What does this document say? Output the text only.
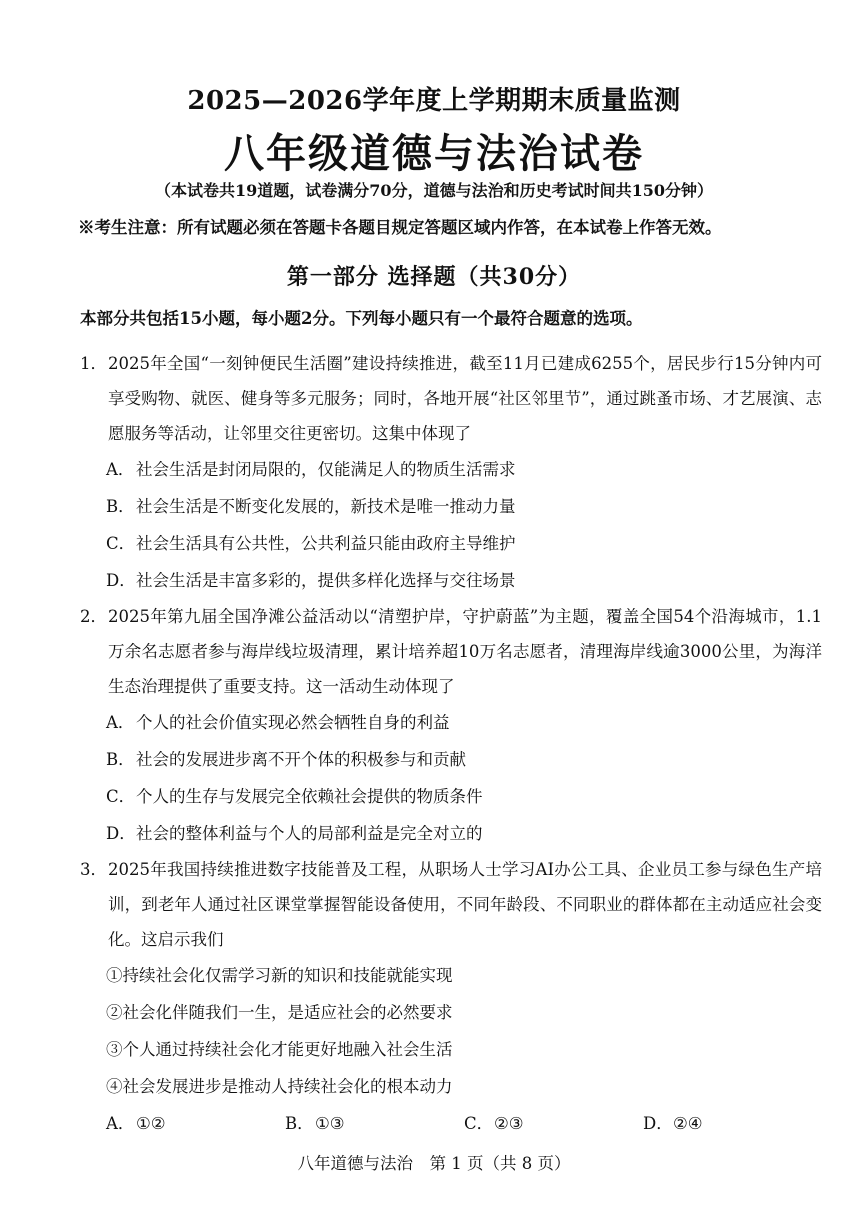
2025—2026学年度上学期期末质量监测
八年级道德与法治试卷
（本试卷共19道题，试卷满分70分，道德与法治和历史考试时间共150分钟）
※考生注意：所有试题必须在答题卡各题目规定答题区域内作答，在本试卷上作答无效。
第一部分 选择题（共30分）
本部分共包括15小题，每小题2分。下列每小题只有一个最符合题意的选项。
1． 2025年全国“一刻钟便民生活圈”建设持续推进，截至11月已建成6255个，居民步行15分钟内可享受购物、就医、健身等多元服务；同时，各地开展“社区邻里节”，通过跳蚤市场、才艺展演、志愿服务等活动，让邻里交往更密切。这集中体现了
A．社会生活是封闭局限的，仅能满足人的物质生活需求
B．社会生活是不断变化发展的，新技术是唯一推动力量
C．社会生活具有公共性，公共利益只能由政府主导维护
D．社会生活是丰富多彩的，提供多样化选择与交往场景
2． 2025年第九届全国净滩公益活动以“清塑护岸，守护蔚蓝”为主题，覆盖全国54个沿海城市，1.1万余名志愿者参与海岸线垃圾清理，累计培养超10万名志愿者，清理海岸线逾3000公里，为海洋生态治理提供了重要支持。这一活动生动体现了
A．个人的社会价值实现必然会牺牲自身的利益
B．社会的发展进步离不开个体的积极参与和贡献
C．个人的生存与发展完全依赖社会提供的物质条件
D．社会的整体利益与个人的局部利益是完全对立的
3． 2025年我国持续推进数字技能普及工程，从职场人士学习AI办公工具、企业员工参与绿色生产培训，到老年人通过社区课堂掌握智能设备使用，不同年龄段、不同职业的群体都在主动适应社会变化。这启示我们
①持续社会化仅需学习新的知识和技能就能实现
②社会化伴随我们一生，是适应社会的必然要求
③个人通过持续社会化才能更好地融入社会生活
④社会发展进步是推动人持续社会化的根本动力
A．①②	B．①③	C．②③	D．②④
八年道德与法治　第 1 页（共 8 页）
